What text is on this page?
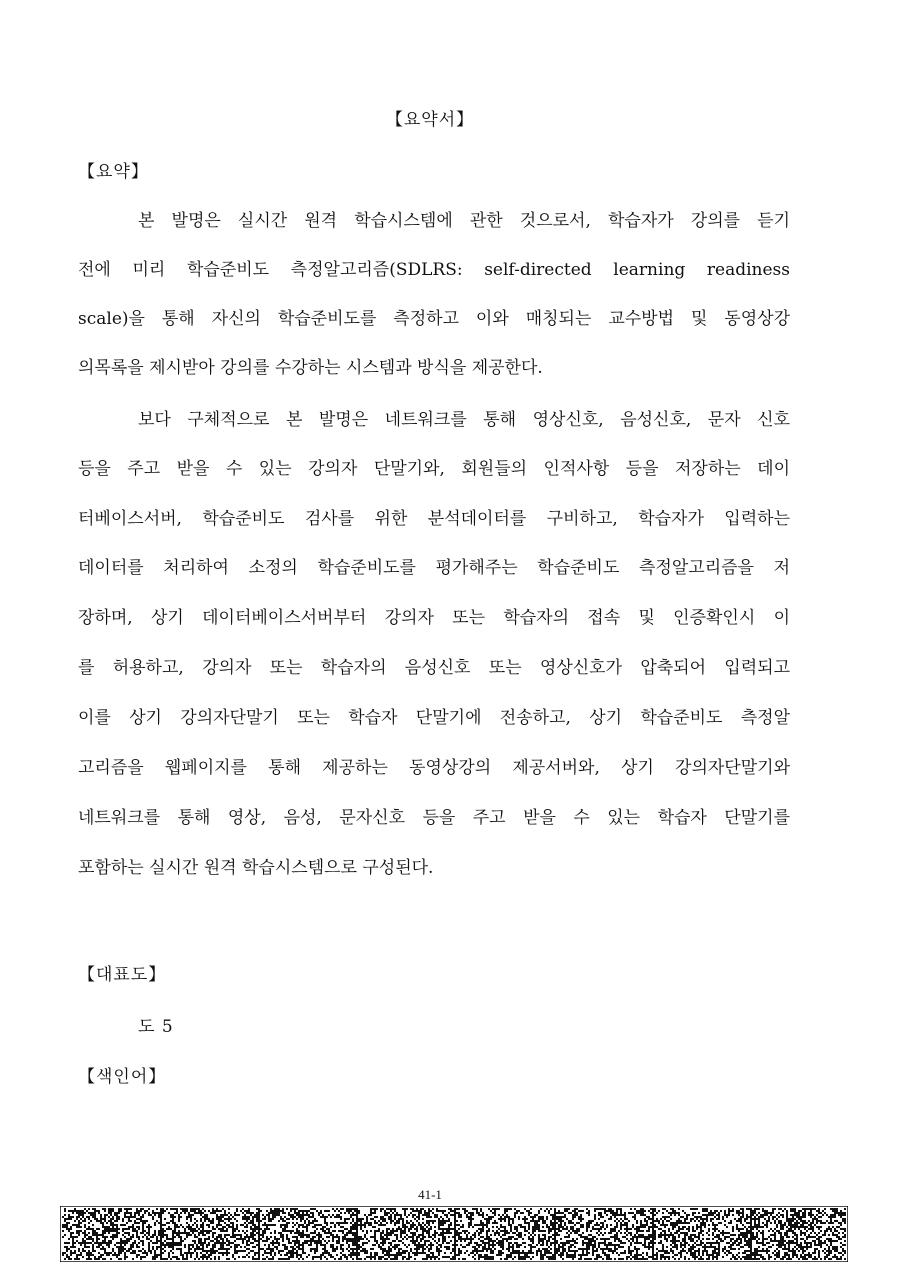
【요약서】
【요약】
본 발명은 실시간 원격 학습시스템에 관한 것으로서, 학습자가 강의를 듣기
전에 미리 학습준비도 측정알고리즘(SDLRS: self-directed learning readiness
scale)을 통해 자신의 학습준비도를 측정하고 이와 매칭되는 교수방법 및 동영상강
의목록을 제시받아 강의를 수강하는 시스템과 방식을 제공한다.
보다 구체적으로 본 발명은 네트워크를 통해 영상신호, 음성신호, 문자 신호
등을 주고 받을 수 있는 강의자 단말기와, 회원들의 인적사항 등을 저장하는 데이
터베이스서버, 학습준비도 검사를 위한 분석데이터를 구비하고, 학습자가 입력하는
데이터를 처리하여 소정의 학습준비도를 평가해주는 학습준비도 측정알고리즘을 저
장하며, 상기 데이터베이스서버부터 강의자 또는 학습자의 접속 및 인증확인시 이
를 허용하고, 강의자 또는 학습자의 음성신호 또는 영상신호가 압축되어 입력되고
이를 상기 강의자단말기 또는 학습자 단말기에 전송하고, 상기 학습준비도 측정알
고리즘을 웹페이지를 통해 제공하는 동영상강의 제공서버와, 상기 강의자단말기와
네트워크를 통해 영상, 음성, 문자신호 등을 주고 받을 수 있는 학습자 단말기를
포함하는 실시간 원격 학습시스템으로 구성된다.
【대표도】
도 5
【색인어】
41-1
